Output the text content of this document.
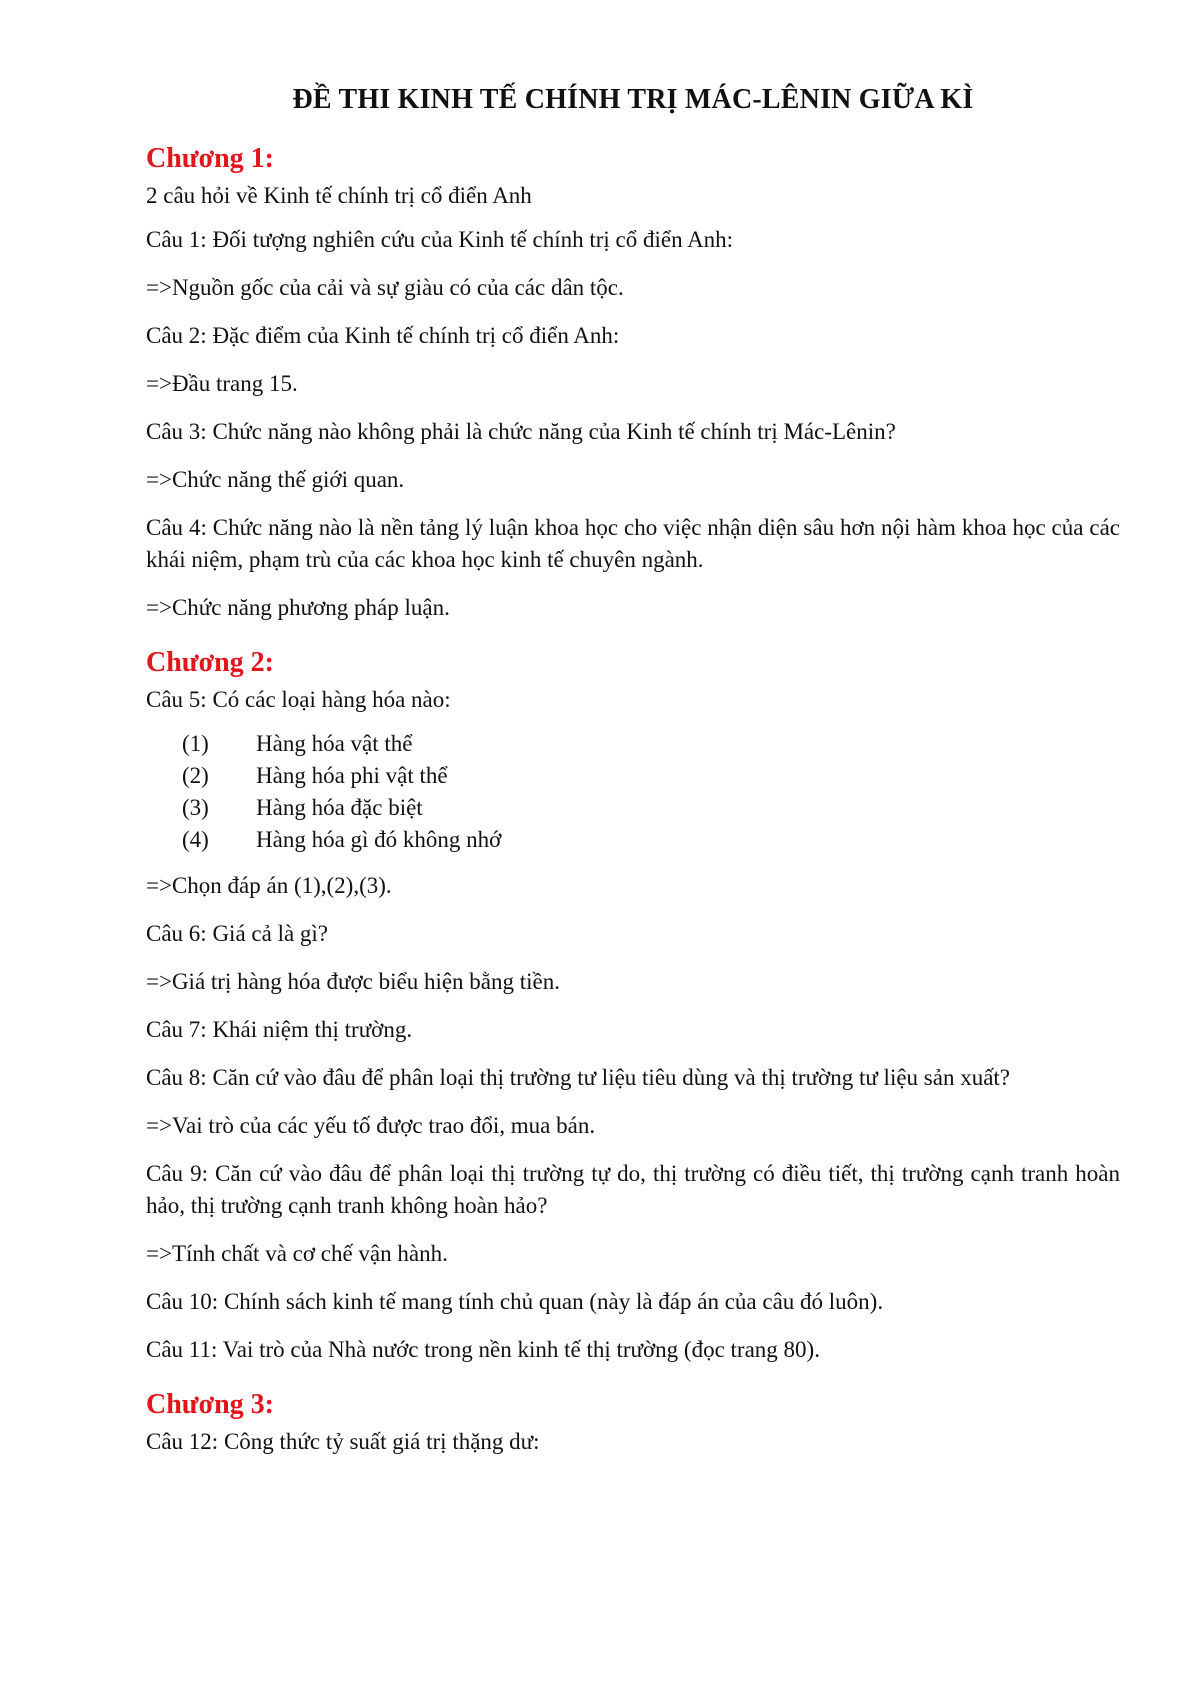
ĐỀ THI KINH TẾ CHÍNH TRỊ MÁC-LÊNIN GIỮA KÌ
Chương 1:

2 câu hỏi về Kinh tế chính trị cổ điển Anh

Câu 1: Đối tượng nghiên cứu của Kinh tế chính trị cổ điển Anh:

=>Nguồn gốc của cải và sự giàu có của các dân tộc.

Câu 2: Đặc điểm của Kinh tế chính trị cổ điển Anh:

=>Đầu trang 15.

Câu 3: Chức năng nào không phải là chức năng của Kinh tế chính trị Mác-Lênin?

=>Chức năng thế giới quan.

Câu 4: Chức năng nào là nền tảng lý luận khoa học cho việc nhận diện sâu hơn nội hàm khoa học của các khái niệm, phạm trù của các khoa học kinh tế chuyên ngành.

=>Chức năng phương pháp luận.

Chương 2:

Câu 5: Có các loại hàng hóa nào:

(1)	Hàng hóa vật thể
(2)	Hàng hóa phi vật thể
(3)	Hàng hóa đặc biệt
(4)	Hàng hóa gì đó không nhớ

=>Chọn đáp án (1),(2),(3).

Câu 6: Giá cả là gì?

=>Giá trị hàng hóa được biểu hiện bằng tiền.

Câu 7: Khái niệm thị trường.

Câu 8: Căn cứ vào đâu để phân loại thị trường tư liệu tiêu dùng và thị trường tư liệu sản xuất?

=>Vai trò của các yếu tố được trao đổi, mua bán.

Câu 9: Căn cứ vào đâu để phân loại thị trường tự do, thị trường có điều tiết, thị trường cạnh tranh hoàn hảo, thị trường cạnh tranh không hoàn hảo?

=>Tính chất và cơ chế vận hành.

Câu 10: Chính sách kinh tế mang tính chủ quan (này là đáp án của câu đó luôn).

Câu 11: Vai trò của Nhà nước trong nền kinh tế thị trường (đọc trang 80).

Chương 3:

Câu 12: Công thức tỷ suất giá trị thặng dư:
